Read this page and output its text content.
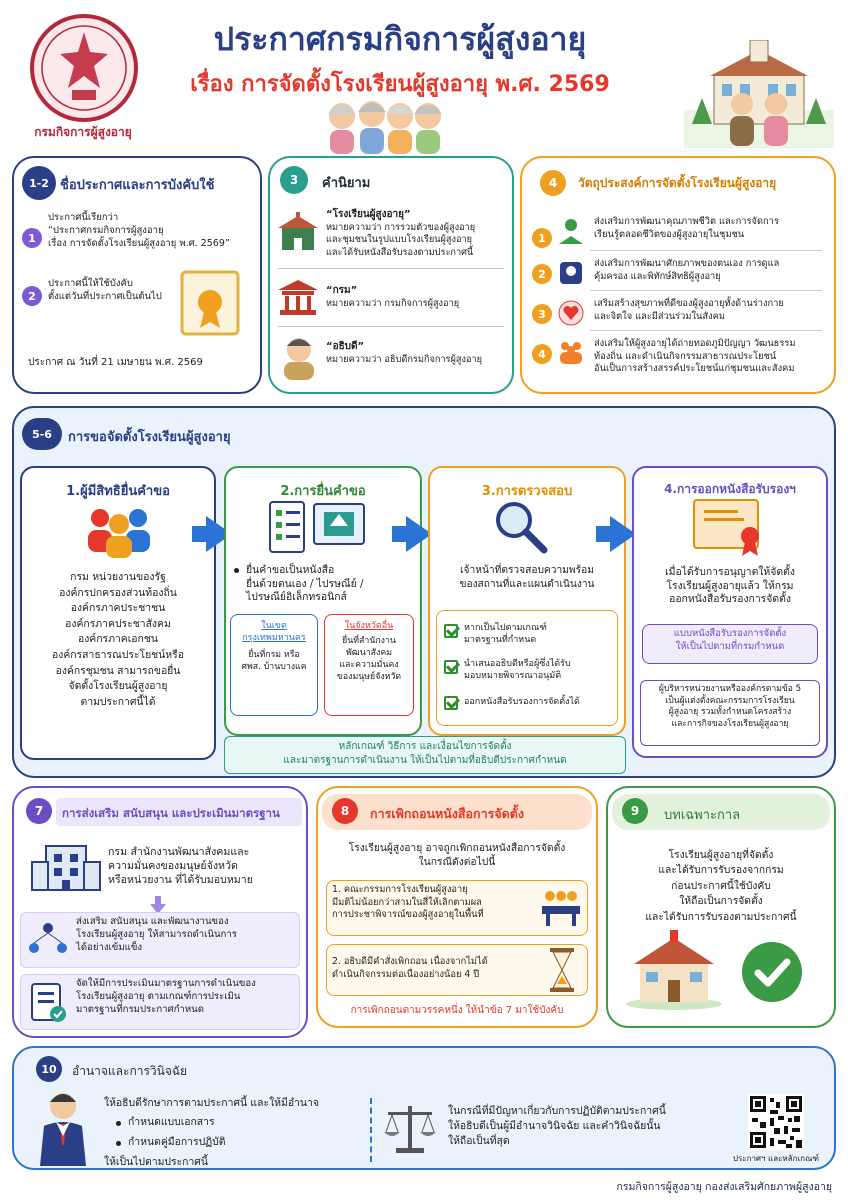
กรมกิจการผู้สูงอายุ
ประกาศกรมกิจการผู้สูงอายุ
เรื่อง การจัดตั้งโรงเรียนผู้สูงอายุ พ.ศ. 2569
1-2 ชื่อประกาศและการบังคับใช้
1
ประกาศนี้เรียกว่า
“ประกาศกรมกิจการผู้สูงอายุ
เรื่อง การจัดตั้งโรงเรียนผู้สูงอายุ พ.ศ. 2569”
2
ประกาศนี้ให้ใช้บังคับ
ตั้งแต่วันที่ประกาศเป็นต้นไป
ประกาศ ณ วันที่ 21 เมษายน พ.ศ. 2569
3	คำนิยาม
“โรงเรียนผู้สูงอายุ”
หมายความว่า การรวมตัวของผู้สูงอายุ
และชุมชนในรูปแบบโรงเรียนผู้สูงอายุ
และได้รับหนังสือรับรองตามประกาศนี้
“กรม”
หมายความว่า กรมกิจการผู้สูงอายุ
“อธิบดี”
หมายความว่า อธิบดีกรมกิจการผู้สูงอายุ
4	วัตถุประสงค์การจัดตั้งโรงเรียนผู้สูงอายุ
1
ส่งเสริมการพัฒนาคุณภาพชีวิต และการจัดการ
เรียนรู้ตลอดชีวิตของผู้สูงอายุในชุมชน
2
ส่งเสริมการพัฒนาศักยภาพของตนเอง การดูแล
คุ้มครอง และพิทักษ์สิทธิผู้สูงอายุ
3
เสริมสร้างสุขภาพที่ดีของผู้สูงอายุทั้งด้านร่างกาย
และจิตใจ และมีส่วนร่วมในสังคม
4
ส่งเสริมให้ผู้สูงอายุได้ถ่ายทอดภูมิปัญญา วัฒนธรรม
ท้องถิ่น และดำเนินกิจกรรมสาธารณประโยชน์
อันเป็นการสร้างสรรค์ประโยชน์แก่ชุมชนและสังคม
5-6	การขอจัดตั้งโรงเรียนผู้สูงอายุ
1.ผู้มีสิทธิยื่นคำขอ
กรม หน่วยงานของรัฐ
องค์กรปกครองส่วนท้องถิ่น
องค์กรภาคประชาชน
องค์กรภาคประชาสังคม
องค์กรภาคเอกชน
องค์กรสาธารณประโยชน์หรือ
องค์กรชุมชน สามารถขอยื่น
จัดตั้งโรงเรียนผู้สูงอายุ
ตามประกาศนี้ได้
2.การยื่นคำขอ
ยื่นคำขอเป็นหนังสือ
ยื่นด้วยตนเอง / ไปรษณีย์ /
ไปรษณีย์อิเล็กทรอนิกส์
ในเขต
กรุงเทพมหานคร
ยื่นที่กรม หรือ
ศพส. บ้านบางแค
ในจังหวัดอื่น
ยื่นที่สำนักงาน
พัฒนาสังคม
และความมั่นคง
ของมนุษย์จังหวัด
3.การตรวจสอบ
เจ้าหน้าที่ตรวจสอบความพร้อม
ของสถานที่และแผนดำเนินงาน
หากเป็นไปตามเกณฑ์
มาตรฐานที่กำหนด
นำเสนออธิบดีหรือผู้ซึ่งได้รับ
มอบหมายพิจารณาอนุมัติ
ออกหนังสือรับรองการจัดตั้งได้
4.การออกหนังสือรับรองฯ
เมื่อได้รับการอนุญาตให้จัดตั้ง
โรงเรียนผู้สูงอายุแล้ว ให้กรม
ออกหนังสือรับรองการจัดตั้ง
แบบหนังสือรับรองการจัดตั้ง
ให้เป็นไปตามที่กรมกำหนด
ผู้บริหารหน่วยงานหรือองค์กรตามข้อ 5
เป็นผู้แต่งตั้งคณะกรรมการโรงเรียน
ผู้สูงอายุ รวมทั้งกำหนดโครงสร้าง
และการกิจของโรงเรียนผู้สูงอายุ
หลักเกณฑ์ วิธีการ และเงื่อนไขการจัดตั้ง
และมาตรฐานการดำเนินงาน ให้เป็นไปตามที่อธิบดีประกาศกำหนด
7	การส่งเสริม สนับสนุน และประเมินมาตรฐาน
กรม สำนักงานพัฒนาสังคมและ
ความมั่นคงของมนุษย์จังหวัด
หรือหน่วยงาน ที่ได้รับมอบหมาย
ส่งเสริม สนับสนุน และพัฒนางานของ
โรงเรียนผู้สูงอายุ ให้สามารถดำเนินการ
ได้อย่างเข้มแข็ง
จัดให้มีการประเมินมาตรฐานการดำเนินของ
โรงเรียนผู้สูงอายุ ตามเกณฑ์การประเมิน
มาตรฐานที่กรมประกาศกำหนด
8	การเพิกถอนหนังสือการจัดตั้ง
โรงเรียนผู้สูงอายุ อาจถูกเพิกถอนหนังสือการจัดตั้ง
ในกรณีดังต่อไปนี้
1. คณะกรรมการโรงเรียนผู้สูงอายุ
มีมติไม่น้อยกว่าสามในสี่ให้เลิกตามผล
การประชาพิจารณ์ของผู้สูงอายุในพื้นที่
2. อธิบดีมีคำสั่งเพิกถอน เนื่องจากไม่ได้
ดำเนินกิจกรรมต่อเนื่องอย่างน้อย 4 ปี
การเพิกถอนตามวรรคหนึ่ง ให้นำข้อ 7 มาใช้บังคับ
9	บทเฉพาะกาล
โรงเรียนผู้สูงอายุที่จัดตั้ง
และได้รับการรับรองจากกรม
ก่อนประกาศนี้ใช้บังคับ
ให้ถือเป็นการจัดตั้ง
และได้รับการรับรองตามประกาศนี้
10	อำนาจและการวินิจฉัย
ให้อธิบดีรักษาการตามประกาศนี้ และให้มีอำนาจ
กำหนดแบบเอกสาร
กำหนดคู่มือการปฏิบัติ
ให้เป็นไปตามประกาศนี้
ในกรณีที่มีปัญหาเกี่ยวกับการปฏิบัติตามประกาศนี้
ให้อธิบดีเป็นผู้มีอำนาจวินิจฉัย และคำวินิจฉัยนั้น
ให้ถือเป็นที่สุด
ประกาศฯ และหลักเกณฑ์
กรมกิจการผู้สูงอายุ กองส่งเสริมศักยภาพผู้สูงอายุ
